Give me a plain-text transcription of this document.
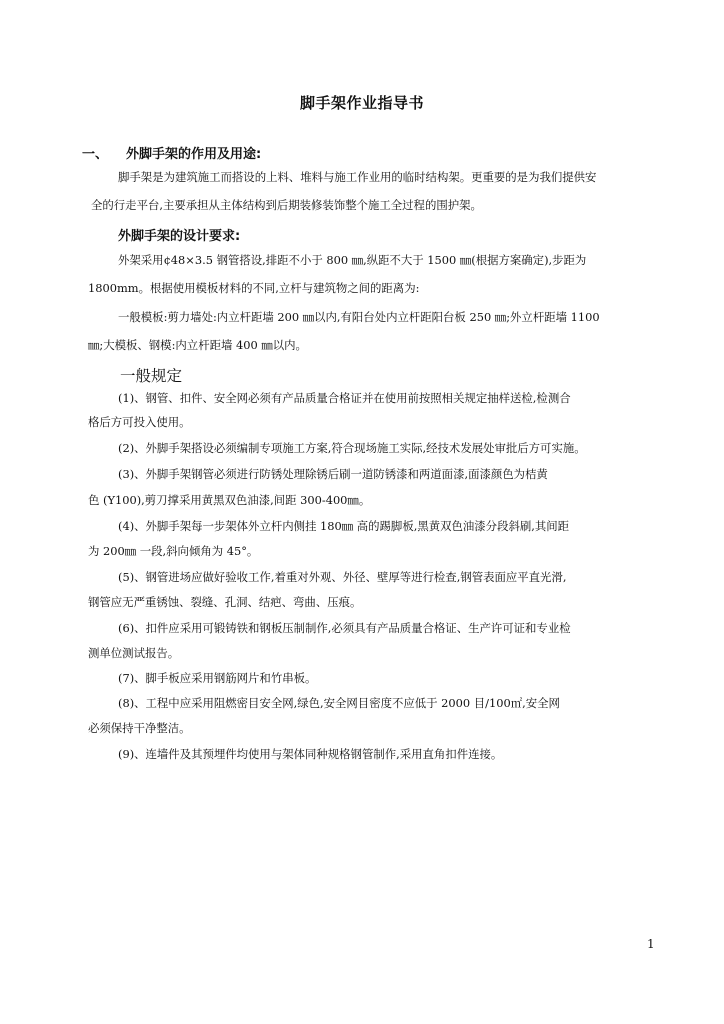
脚手架作业指导书
一、 外脚手架的作用及用途:
脚手架是为建筑施工而搭设的上料、堆料与施工作业用的临时结构架。更重要的是为我们提供安
全的行走平台,主要承担从主体结构到后期装修装饰整个施工全过程的围护架。
外脚手架的设计要求:
外架采用¢48×3.5 钢管搭设,排距不小于 800 ㎜,纵距不大于 1500 ㎜(根据方案确定),步距为
1800mm。根据使用模板材料的不同,立杆与建筑物之间的距离为:
一般模板:剪力墙处:内立杆距墙 200 ㎜以内,有阳台处内立杆距阳台板 250 ㎜;外立杆距墙 1100
㎜;大模板、钢模:内立杆距墙 400 ㎜以内。
一般规定
(1)、钢管、扣件、安全网必须有产品质量合格证并在使用前按照相关规定抽样送检,检测合
格后方可投入使用。
(2)、外脚手架搭设必须编制专项施工方案,符合现场施工实际,经技术发展处审批后方可实施。
(3)、外脚手架钢管必须进行防锈处理除锈后刷一道防锈漆和两道面漆,面漆颜色为桔黄
色 (Y100),剪刀撑采用黄黑双色油漆,间距 300-400㎜。
(4)、外脚手架每一步架体外立杆内侧挂 180㎜ 高的踢脚板,黑黄双色油漆分段斜刷,其间距
为 200㎜ 一段,斜向倾角为 45°。
(5)、钢管进场应做好验收工作,着重对外观、外径、壁厚等进行检查,钢管表面应平直光滑,
钢管应无严重锈蚀、裂缝、孔洞、结疤、弯曲、压痕。
(6)、扣件应采用可锻铸铁和钢板压制制作,必须具有产品质量合格证、生产许可证和专业检
测单位测试报告。
(7)、脚手板应采用钢筋网片和竹串板。
(8)、工程中应采用阻燃密目安全网,绿色,安全网目密度不应低于 2000 目/100㎡,安全网
必须保持干净整洁。
(9)、连墙件及其预埋件均使用与架体同种规格钢管制作,采用直角扣件连接。
1
